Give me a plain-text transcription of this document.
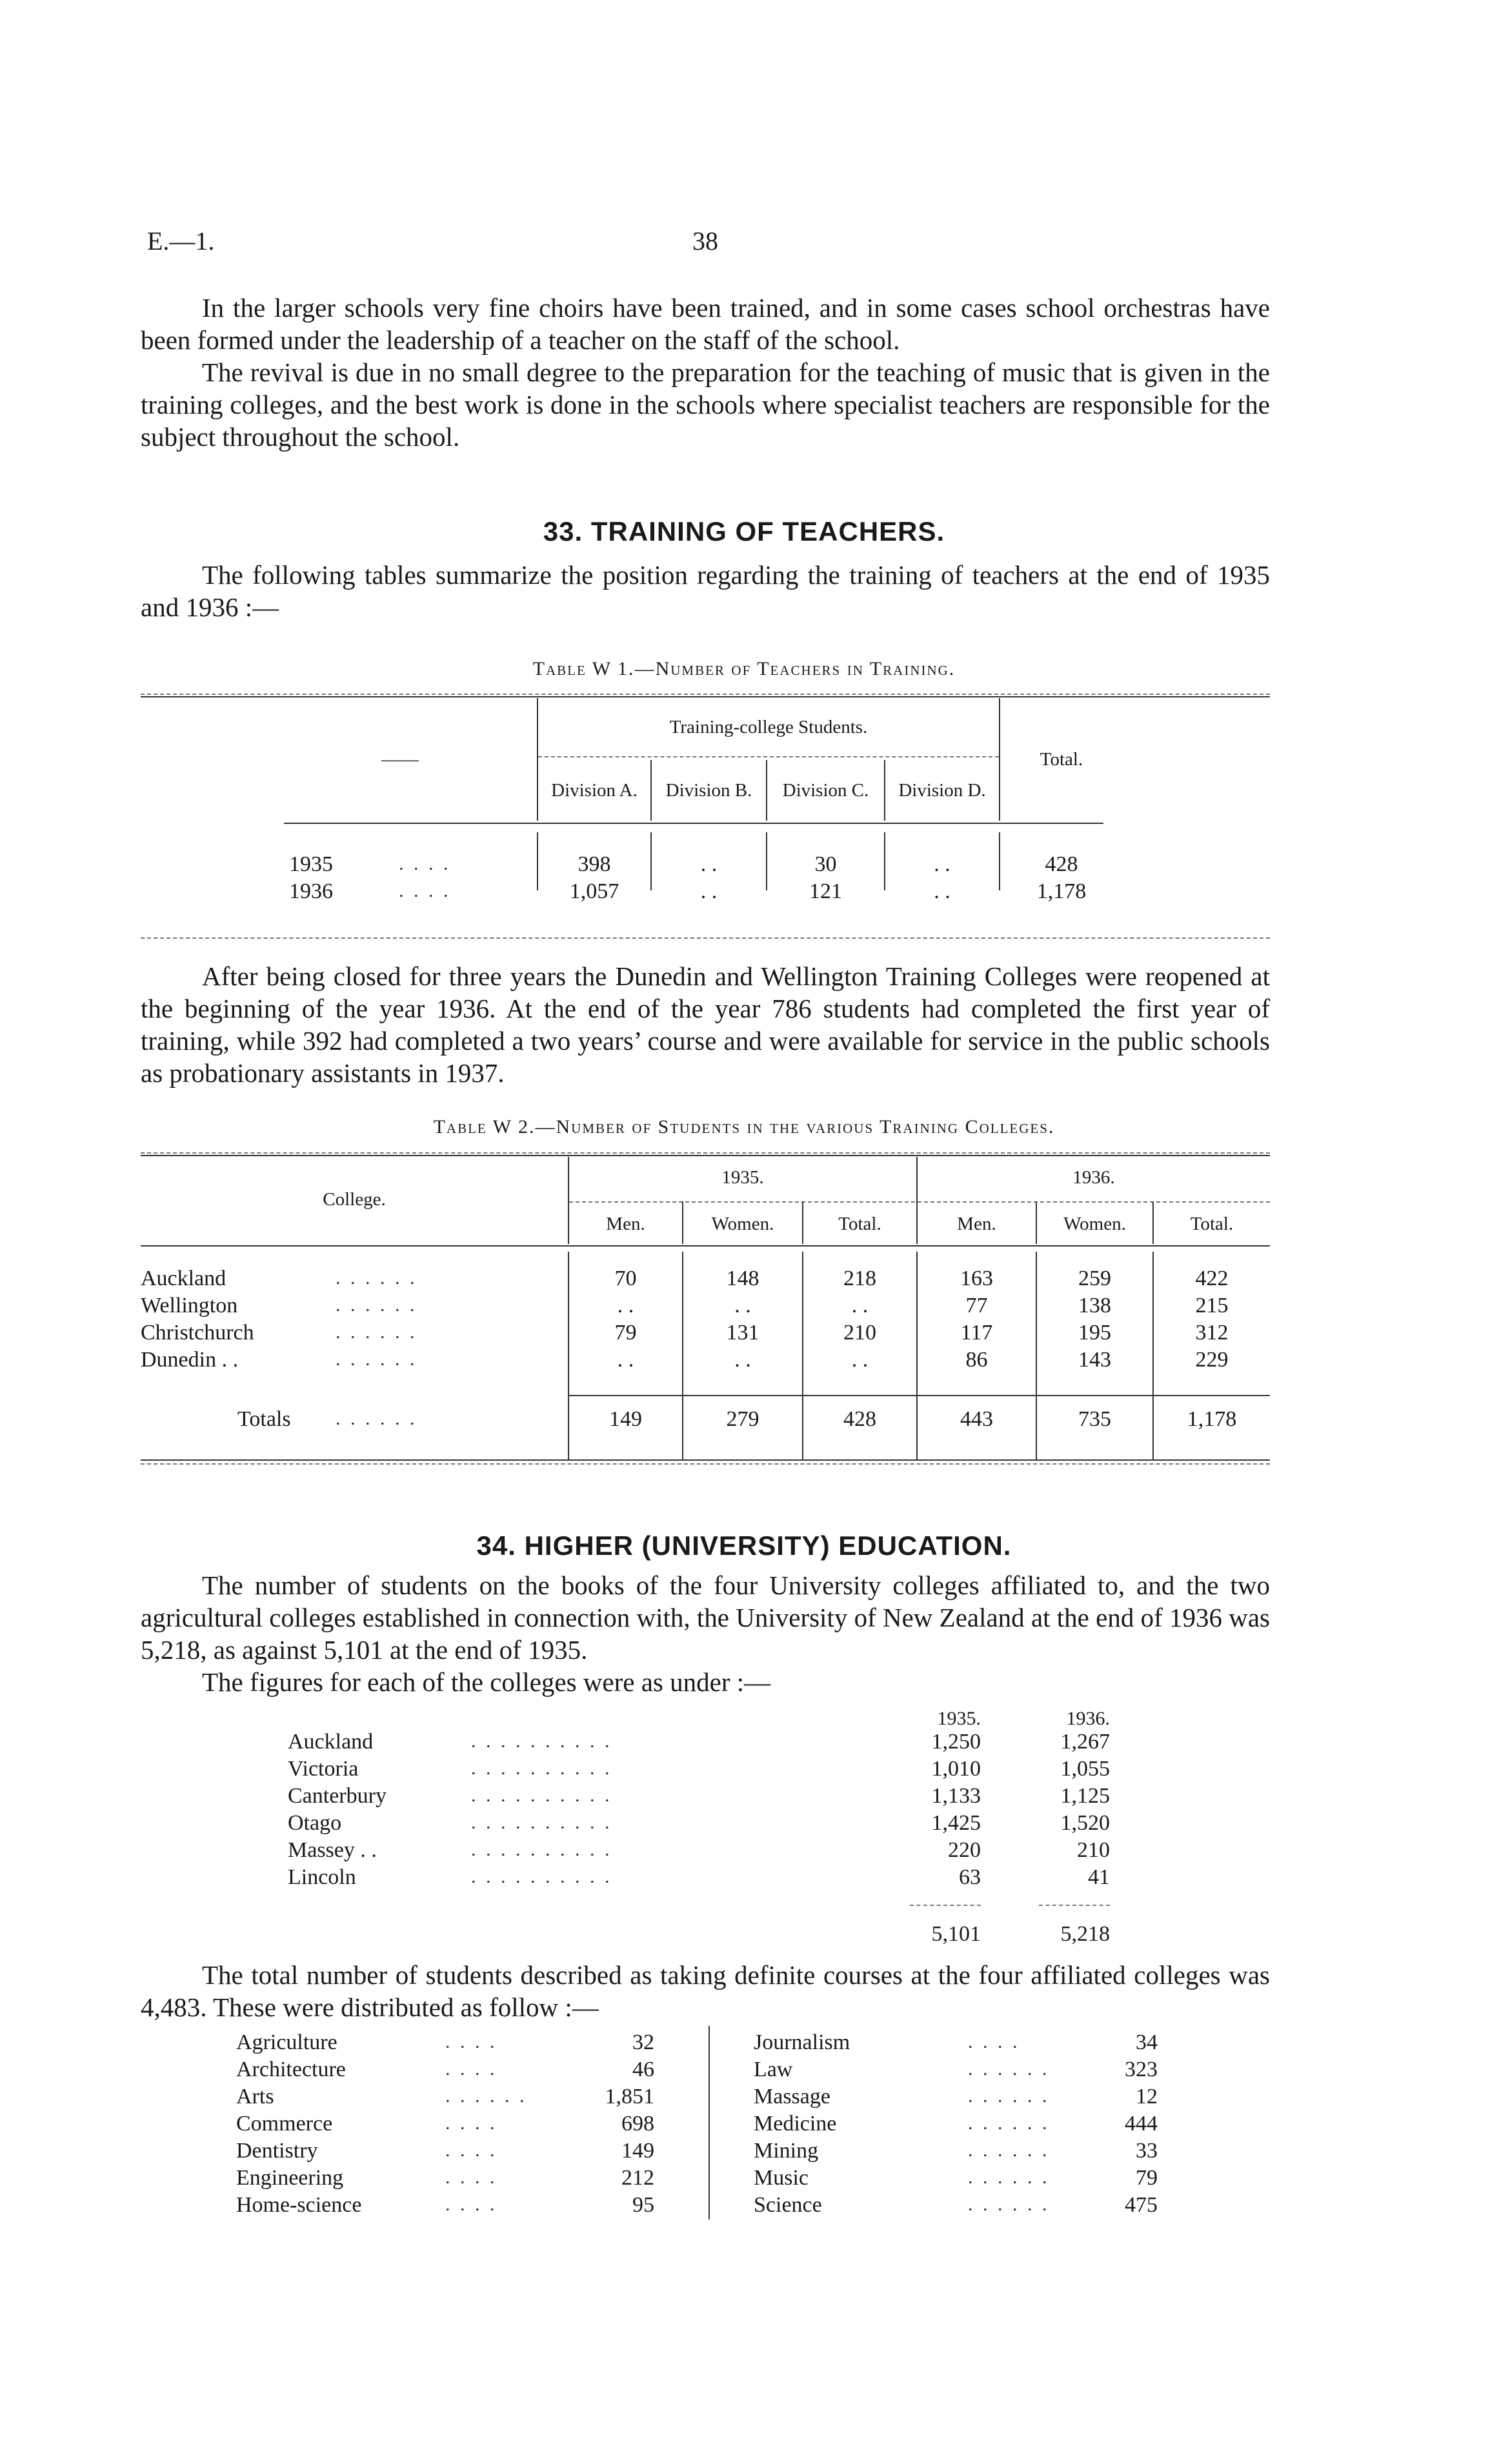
E.—1.	38

In the larger schools very fine choirs have been trained, and in some cases school orchestras have been formed under the leadership of a teacher on the staff of the school.

The revival is due in no small degree to the preparation for the teaching of music that is given in the training colleges, and the best work is done in the schools where specialist teachers are responsible for the subject throughout the school.

33. TRAINING OF TEACHERS.

The following tables summarize the position regarding the training of teachers at the end of 1935 and 1936 :—

Table W 1.—Number of Teachers in Training.
——
Training-college Students.
Division A.	Division B.	Division C.	Division D.
Total.
1935	. . . .	398	. .	30	. .	428
1936	. . . .	1,057	. .	121	. .	1,178

After being closed for three years the Dunedin and Wellington Training Colleges were reopened at the beginning of the year 1936. At the end of the year 786 students had completed the first year of training, while 392 had completed a two years’ course and were available for service in the public schools as probationary assistants in 1937.

Table W 2.—Number of Students in the various Training Colleges.
College.
1935.	1936.
Men.	Women.	Total.	Men.	Women.	Total.
Auckland	. . . . . .	70	148	218	163	259	422
Wellington	. . . . . .	. .	. .	. .	77	138	215
Christchurch	. . . . . .	79	131	210	117	195	312
Dunedin . .	. . . . . .	. .	. .	. .	86	143	229
Totals . . . . . .	149	279	428	443	735	1,178
34. HIGHER (UNIVERSITY) EDUCATION.

The number of students on the books of the four University colleges affiliated to, and the two agricultural colleges established in connection with, the University of New Zealand at the end of 1936 was 5,218, as against 5,101 at the end of 1935.

The figures for each of the colleges were as under :—

1935.	1936.
Auckland	. . . . . . . . . .	1,250	1,267
Victoria	. . . . . . . . . .	1,010	1,055
Canterbury	. . . . . . . . . .	1,133	1,125
Otago	. . . . . . . . . .	1,425	1,520
Massey . .	. . . . . . . . . .	220	210
Lincoln	. . . . . . . . . .	63	41
5,101	5,218

The total number of students described as taking definite courses at the four affiliated colleges was 4,483. These were distributed as follow :—

Agriculture	. . . .	32
Architecture	. . . .	46
Arts	. . . . . .	1,851
Commerce	. . . .	698
Dentistry	. . . .	149
Engineering	. . . .	212
Home-science	. . . .	95
Journalism	. . . .	34
Law	. . . . . .	323
Massage	. . . . . .	12
Medicine	. . . . . .	444
Mining	. . . . . .	33
Music	. . . . . .	79
Science	. . . . . .	475
